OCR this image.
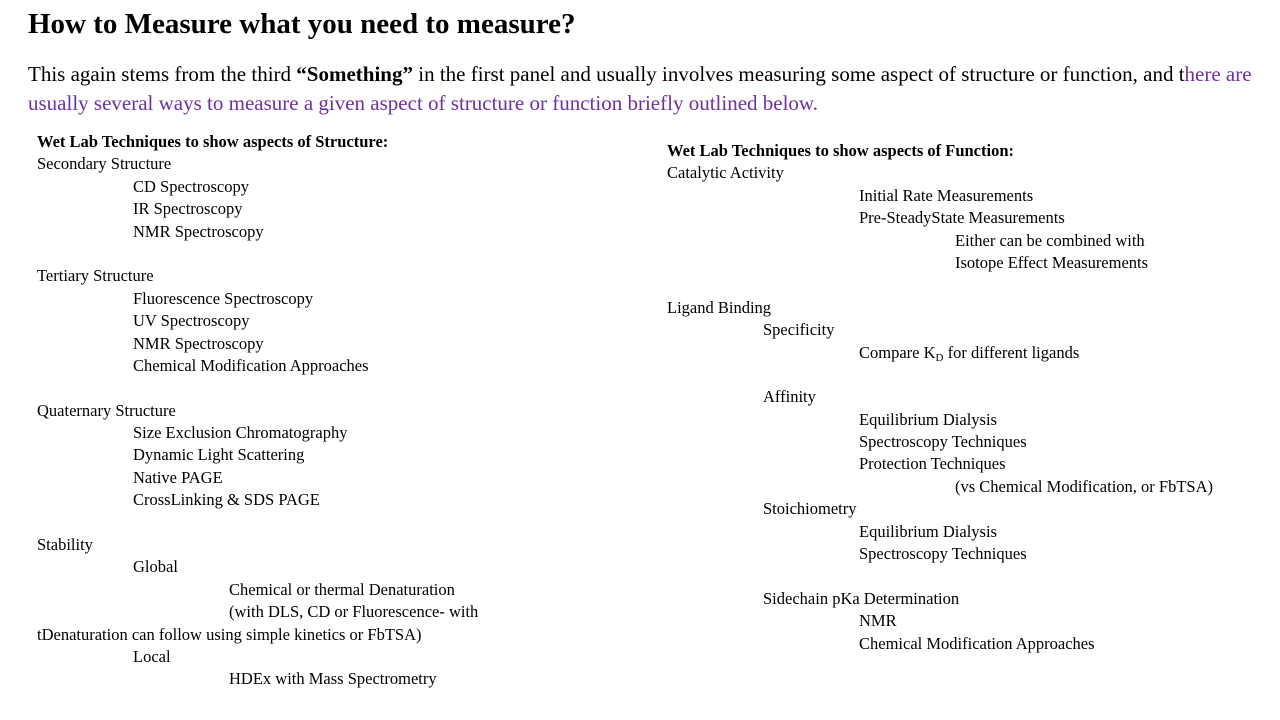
How to Measure what you need to measure?
This again stems from the third “Something” in the first panel and usually involves measuring some aspect of structure or function, and there are usually several ways to measure a given aspect of structure or function briefly outlined below.
Wet Lab Techniques to show aspects of Structure:
Secondary Structure
CD Spectroscopy
IR Spectroscopy
NMR Spectroscopy
Tertiary Structure
Fluorescence Spectroscopy
UV Spectroscopy
NMR Spectroscopy
Chemical Modification Approaches
Quaternary Structure
Size Exclusion Chromatography
Dynamic Light Scattering
Native PAGE
CrossLinking & SDS PAGE
Stability
Global
Chemical or thermal Denaturation
(with DLS, CD or Fluorescence- with
tDenaturation can follow using simple kinetics or FbTSA)
Local
HDEx with Mass Spectrometry
Wet Lab Techniques to show aspects of Function:
Catalytic Activity
Initial Rate Measurements
Pre-SteadyState Measurements
Either can be combined with
Isotope Effect Measurements
Ligand Binding
Specificity
Compare $K_D$ for different ligands
Affinity
Equilibrium Dialysis
Spectroscopy Techniques
Protection Techniques
(vs Chemical Modification, or FbTSA)
Stoichiometry
Equilibrium Dialysis
Spectroscopy Techniques
Sidechain pKa Determination
NMR
Chemical Modification Approaches
